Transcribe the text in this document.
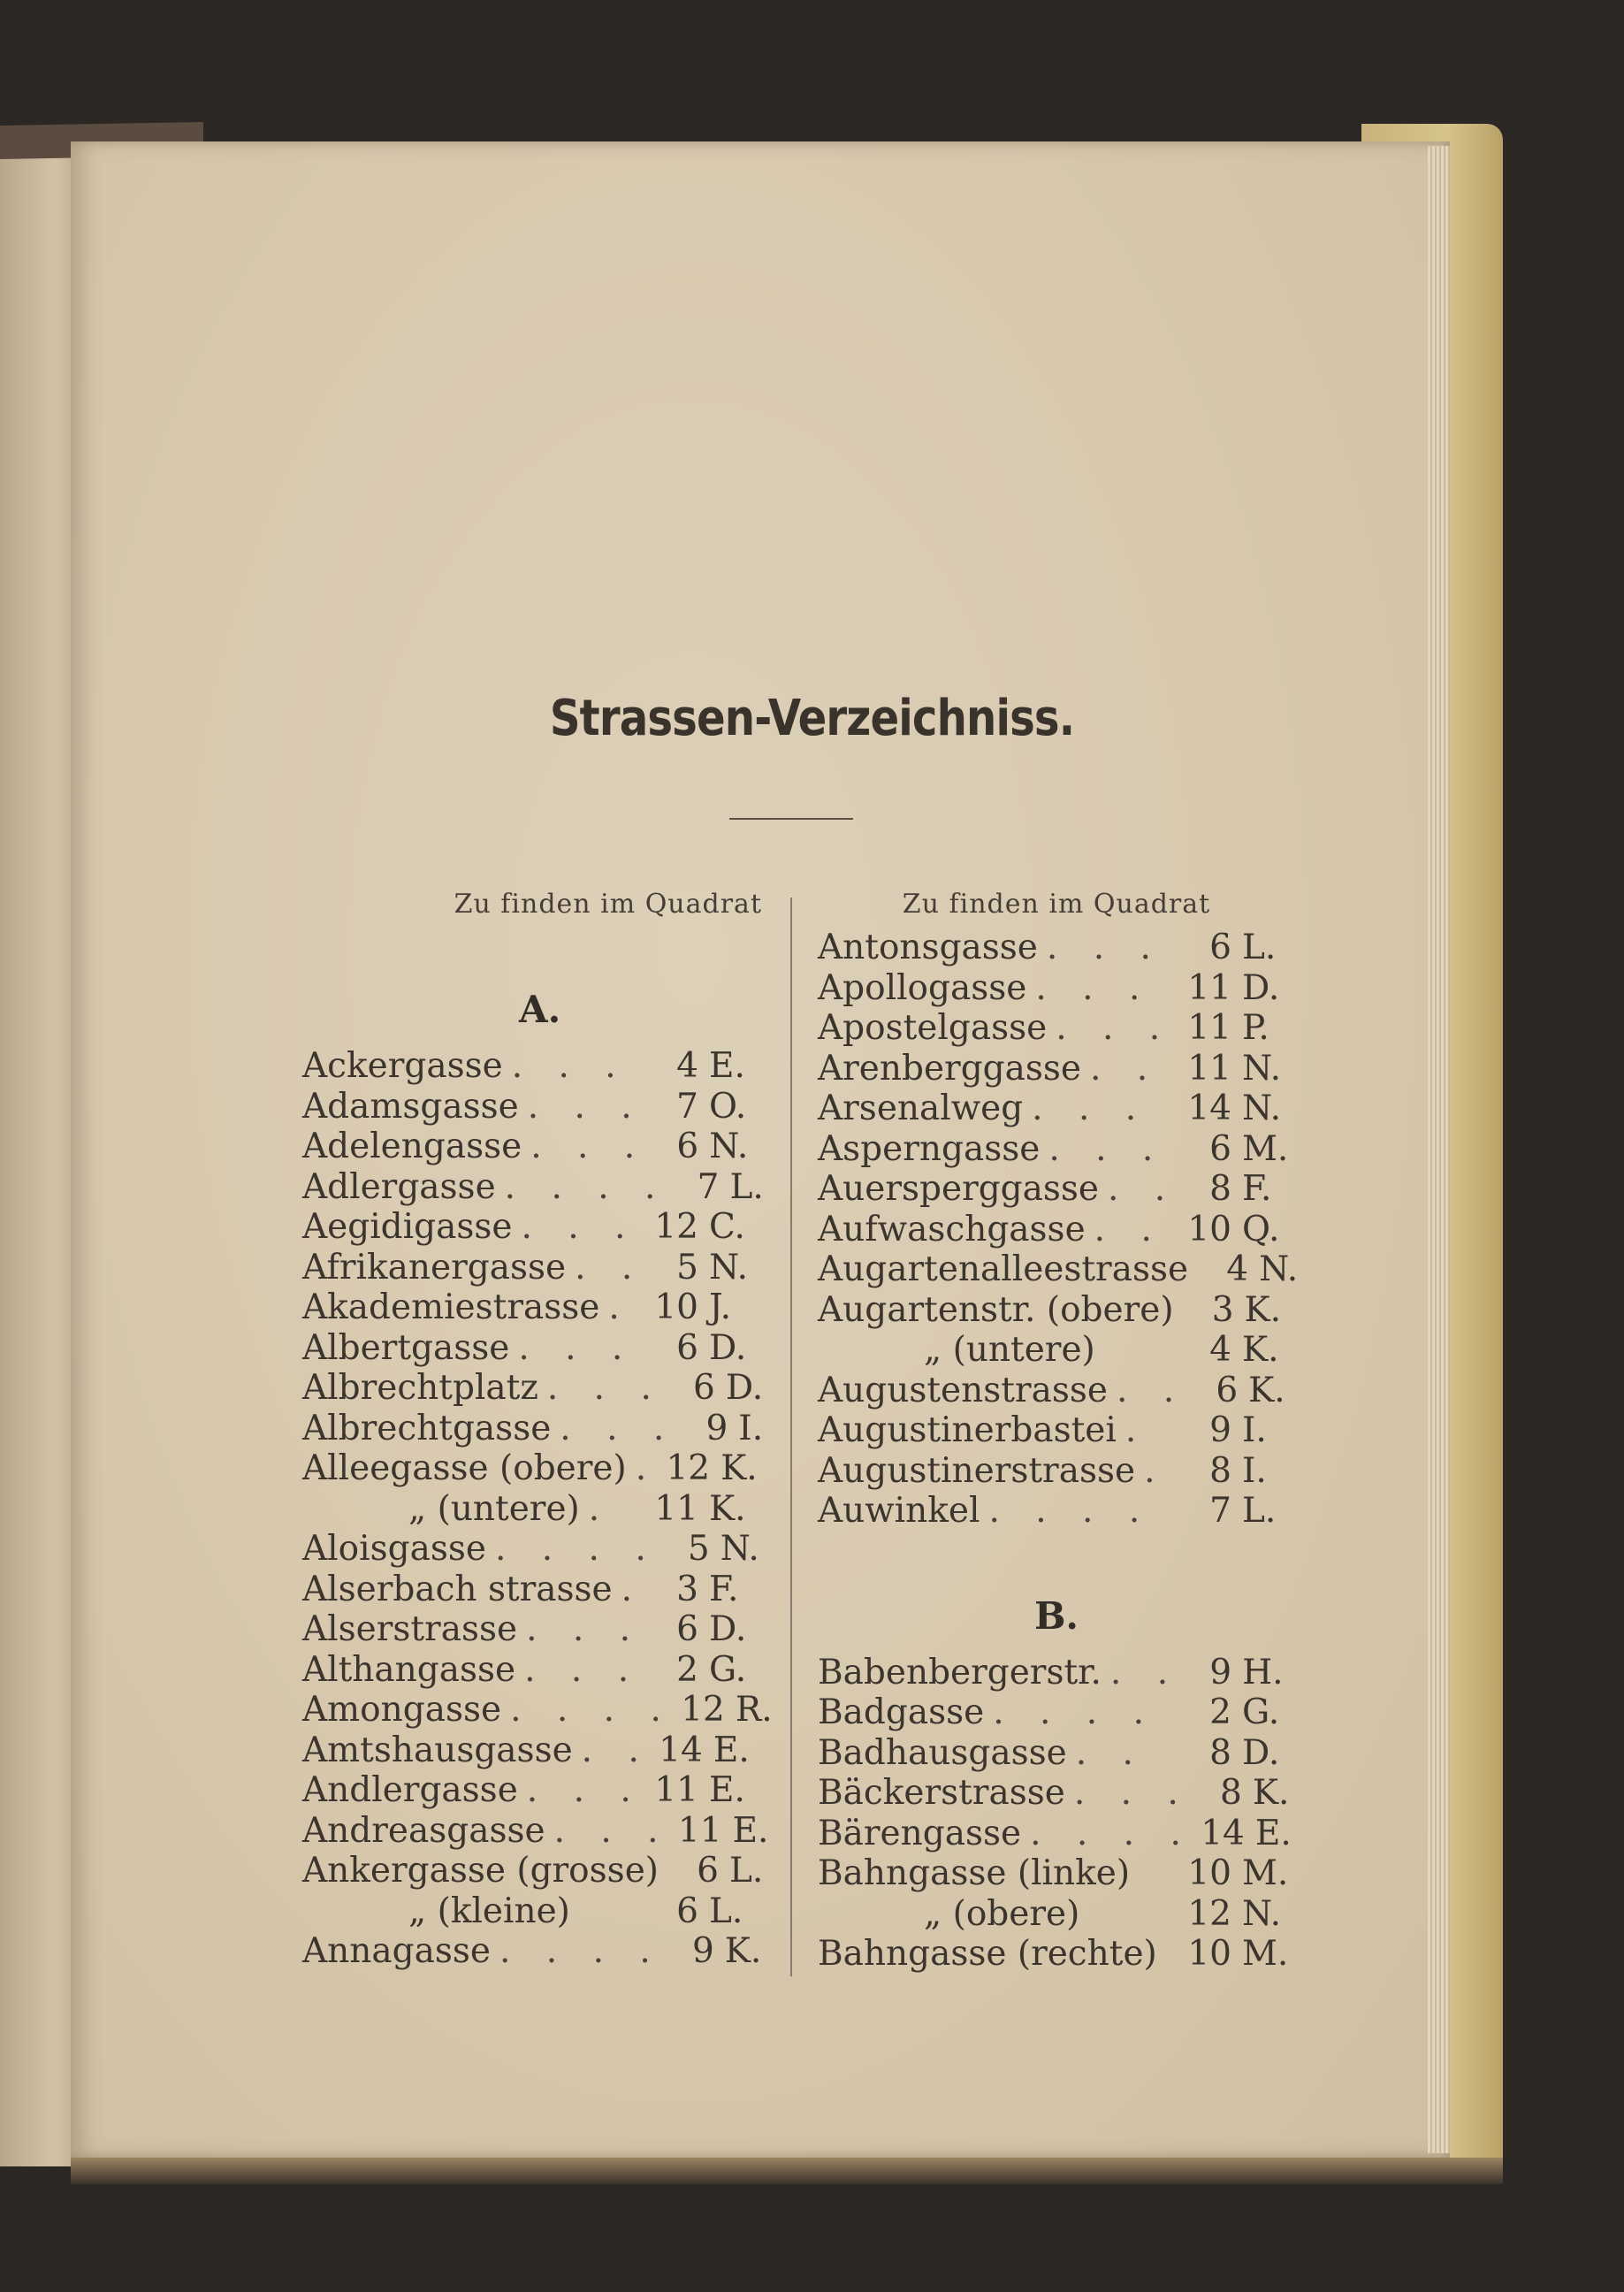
Strassen-Verzeichniss.
Zu finden im Quadrat
A.
Ackergasse . . .	4 E.
Adamsgasse . . . 7 O.
Adelengasse . . . 6 N.
Adlergasse . . . . 7 L.
Aegidigasse . . . 12 C.
Afrikanergasse . . 5 N.
Akademiestrasse . 10 J.
Albertgasse . . .	6 D.
Albrechtplatz . . . 6 D.
Albrechtgasse . . . 9 I.
Alleegasse (obere) . 12 K.
„ (untere) .	11 K.
Aloisgasse . . . . 5 N.
Alserbach strasse . 3 F.
Alserstrasse . . . 6 D.
Althangasse . . .	2 G.
Amongasse . . . . 12 R.
Amtshausgasse . . 14 E.
Andlergasse . . . 11 E.
Andreasgasse . . . 11 E.
Ankergasse (grosse)	6 L.
„ (kleine)	6 L.
Annagasse . . . . 9 K.
Zu finden im Quadrat
Antonsgasse . . .	6 L.
Apollogasse . . .	11 D.
Apostelgasse . . . 11 P.
Arenberggasse . . 11 N.
Arsenalweg . . .	14 N.
Asperngasse . . .	6 M.
Auersperggasse . . 8 F.
Aufwaschgasse . . 10 Q.
Augartenalleestrasse	4 N.
Augartenstr. (obere)	3 K.
„ (untere)	4 K.
Augustenstrasse . . 6 K.
Augustinerbastei .	9 I.
Augustinerstrasse .	8 I.
Auwinkel . . . .	7 L.
B.
Babenbergerstr. . . 9 H.
Badgasse . . . .	2 G.
Badhausgasse . .	8 D.
Bäckerstrasse . . . 8 K.
Bärengasse . . . . 14 E.
Bahngasse (linke) 10 M.
„ (obere)	12 N.
Bahngasse (rechte) 10 M.
